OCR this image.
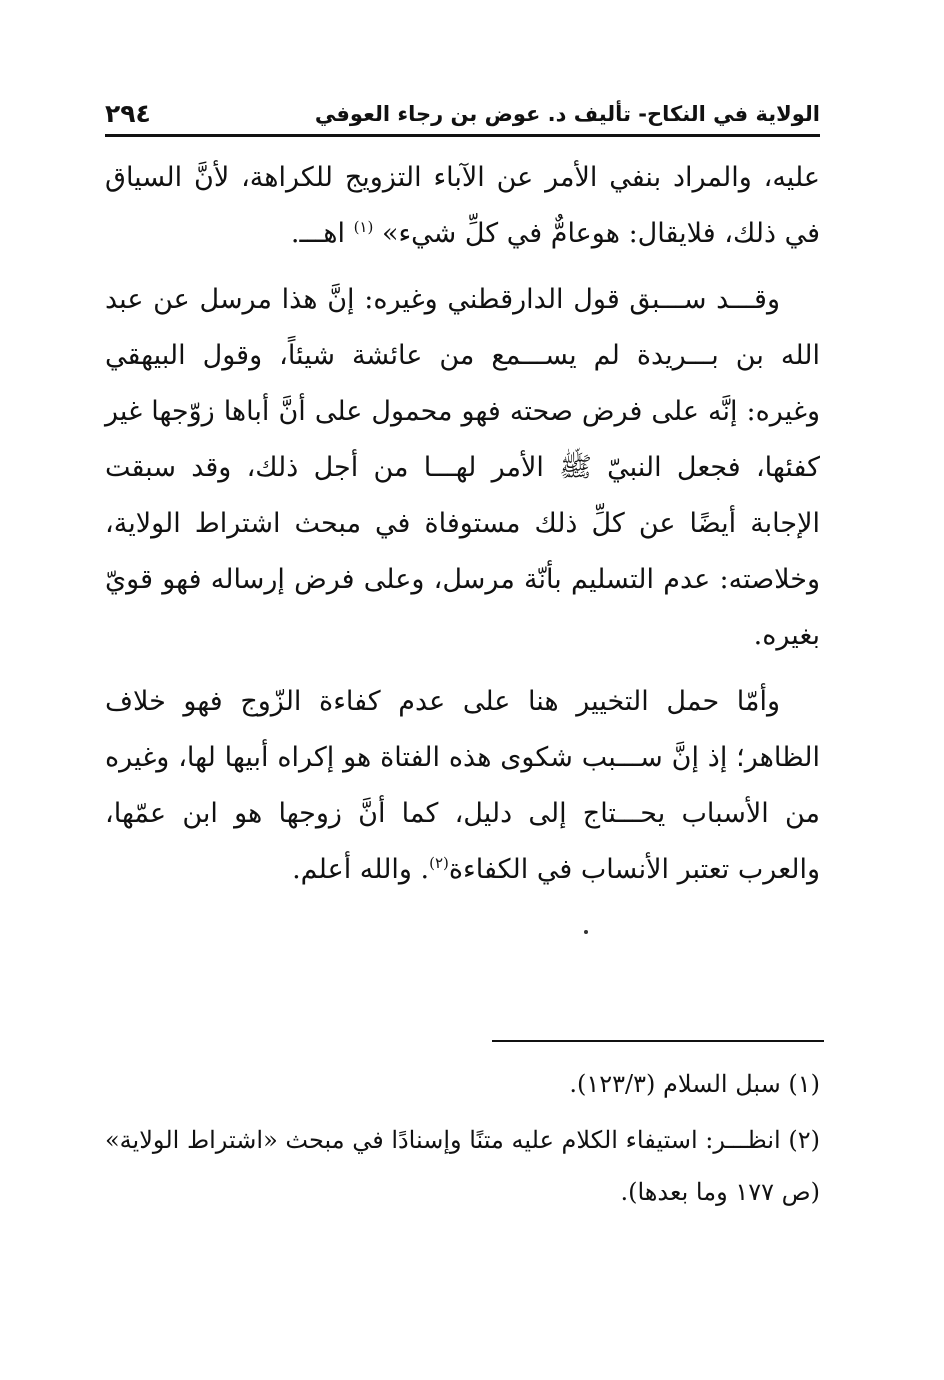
الولاية في النكاح- تأليف د. عوض بن رجاء العوفي
٢٩٤

عليه، والمراد بنفي الأمر عن الآباء التزويج للكراهة، لأنَّ السياق في ذلك، فلايقال: هوعامٌّ في كلِّ شيء» $^{(١)}$ اهـــ.

وقـــد ســـبق قول الدارقطني وغيره: إنَّ هذا مرسل عن عبد الله بن بـــريدة لم يســـمع من عائشة شيئاً، وقول البيهقي وغيره: إنَّه على فرض صحته فهو محمول على أنَّ أباها زوّجها غير كفئها، فجعل النبيّ ﷺ الأمر لهـــا من أجل ذلك، وقد سبقت الإجابة أيضًا عن كلِّ ذلك مستوفاة في مبحث اشتراط الولاية، وخلاصته: عدم التسليم بأنّة مرسل، وعلى فرض إرساله فهو قويّ بغيره.

وأمّا حمل التخيير هنا على عدم كفاءة الزّوج فهو خلاف الظاهر؛ إذ إنَّ ســـبب شكوى هذه الفتاة هو إكراه أبيها لها، وغيره من الأسباب يحـــتاج إلى دليل، كما أنَّ زوجها هو ابن عمّها، والعرب تعتبر الأنساب في الكفاءة$^{(٢)}$. والله أعلم.

(١) سبل السلام (١٢٣/٣).

(٢) انظـــر: استيفاء الكلام عليه متنًا وإسنادًا في مبحث «اشتراط الولاية» (ص ١٧٧ وما بعدها).
